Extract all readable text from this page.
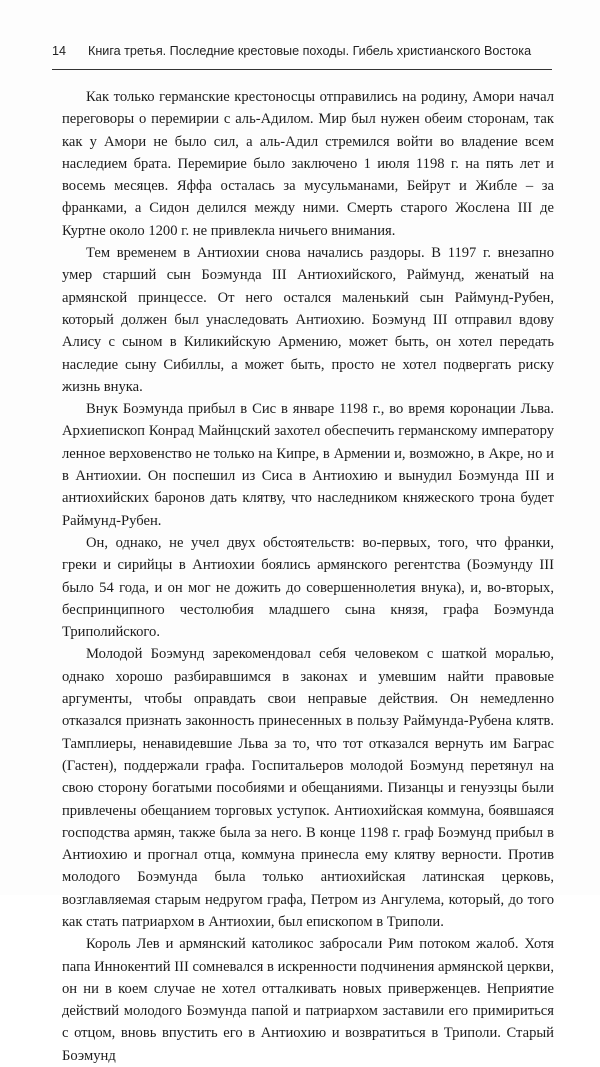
14 Книга третья. Последние крестовые походы. Гибель христианского Востока

Как только германские крестоносцы отправились на родину, Амори начал переговоры о перемирии с аль-Адилом. Мир был нужен обеим сторонам, так как у Амори не было сил, а аль-Адил стремился войти во владение всем наследием брата. Перемирие было заключено 1 июля 1198 г. на пять лет и восемь месяцев. Яффа осталась за мусульманами, Бейрут и Жибле – за франками, а Сидон делился между ними. Смерть старого Жослена III де Куртне около 1200 г. не привлекла ничьего внимания.

Тем временем в Антиохии снова начались раздоры. В 1197 г. внезапно умер старший сын Боэмунда III Антиохийского, Раймунд, женатый на армянской принцессе. От него остался маленький сын Раймунд-Рубен, который должен был унаследовать Антиохию. Боэмунд III отправил вдову Алису с сыном в Киликийскую Армению, может быть, он хотел передать наследие сыну Сибиллы, а может быть, просто не хотел подвергать риску жизнь внука.

Внук Боэмунда прибыл в Сис в январе 1198 г., во время коронации Льва. Архиепископ Конрад Майнцский захотел обеспечить германскому императору ленное верховенство не только на Кипре, в Армении и, возможно, в Акре, но и в Антиохии. Он поспешил из Сиса в Антиохию и вынудил Боэмунда III и антиохийских баронов дать клятву, что наследником княжеского трона будет Раймунд-Рубен.

Он, однако, не учел двух обстоятельств: во-первых, того, что франки, греки и сирийцы в Антиохии боялись армянского регентства (Боэмунду III было 54 года, и он мог не дожить до совершеннолетия внука), и, во-вторых, беспринципного честолюбия младшего сына князя, графа Боэмунда Триполийского.

Молодой Боэмунд зарекомендовал себя человеком с шаткой моралью, однако хорошо разбиравшимся в законах и умевшим найти правовые аргументы, чтобы оправдать свои неправые действия. Он немедленно отказался признать законность принесенных в пользу Раймунда-Рубена клятв. Тамплиеры, ненавидевшие Льва за то, что тот отказался вернуть им Баграс (Гастен), поддержали графа. Госпитальеров молодой Боэмунд перетянул на свою сторону богатыми пособиями и обещаниями. Пизанцы и генуэзцы были привлечены обещанием торговых уступок. Антиохийская коммуна, боявшаяся господства армян, также была за него. В конце 1198 г. граф Боэмунд прибыл в Антиохию и прогнал отца, коммуна принесла ему клятву верности. Против молодого Боэмунда была только антиохийская латинская церковь, возглавляемая старым недругом графа, Петром из Ангулема, который, до того как стать патриархом в Антиохии, был епископом в Триполи.

Король Лев и армянский католикос забросали Рим потоком жалоб. Хотя папа Иннокентий III сомневался в искренности подчинения армянской церкви, он ни в коем случае не хотел отталкивать новых приверженцев. Неприятие действий молодого Боэмунда папой и патриархом заставили его примириться с отцом, вновь впустить его в Антиохию и возвратиться в Триполи. Старый Боэмунд
